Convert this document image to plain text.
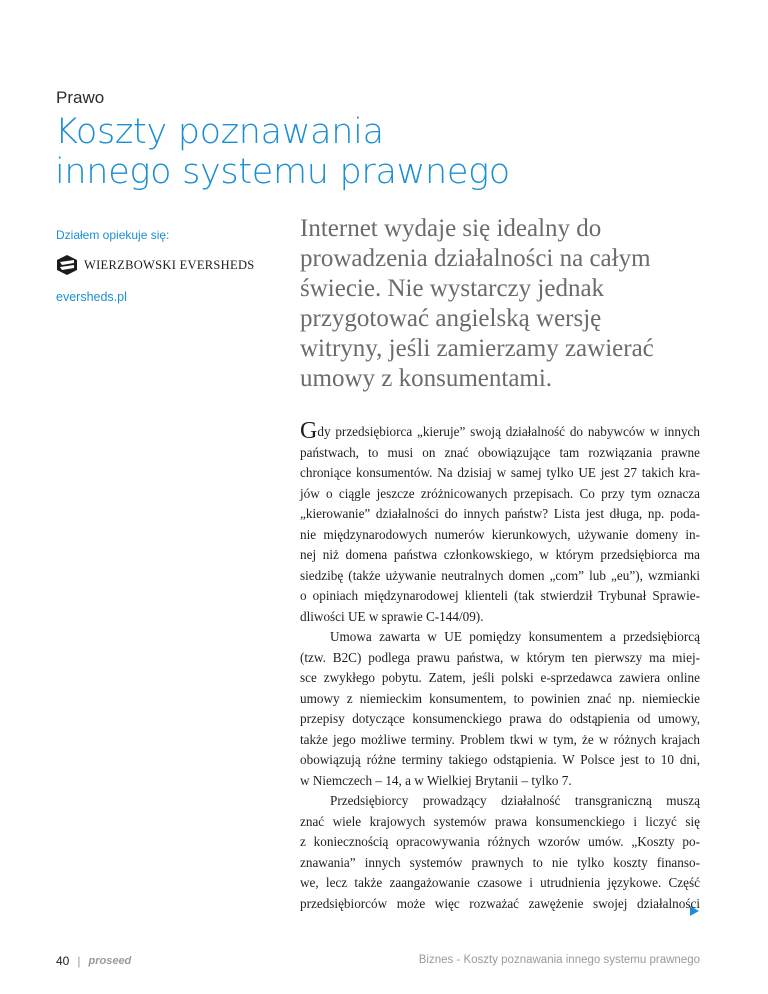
Prawo
Koszty poznawania
innego systemu prawnego
Działem opiekuje się:
WIERZBOWSKI EVERSHEDS
eversheds.pl
Internet wydaje się idealny do
prowadzenia działalności na całym
świecie. Nie wystarczy jednak
przygotować angielską wersję
witryny, jeśli zamierzamy zawierać
umowy z konsumentami.
Gdy przedsiębiorca „kieruje” swoją działalność do nabywców w innych
państwach, to musi on znać obowiązujące tam rozwiązania prawne
chroniące konsumentów. Na dzisiaj w samej tylko UE jest 27 takich kra-
jów o ciągle jeszcze zróżnicowanych przepisach. Co przy tym oznacza
„kierowanie” działalności do innych państw? Lista jest długa, np. poda-
nie międzynarodowych numerów kierunkowych, używanie domeny in-
nej niż domena państwa członkowskiego, w którym przedsiębiorca ma
siedzibę (także używanie neutralnych domen „com” lub „eu”), wzmianki
o opiniach międzynarodowej klienteli (tak stwierdził Trybunał Sprawie-
dliwości UE w sprawie C-144/09).
Umowa zawarta w UE pomiędzy konsumentem a przedsiębiorcą
(tzw. B2C) podlega prawu państwa, w którym ten pierwszy ma miej-
sce zwykłego pobytu. Zatem, jeśli polski e-sprzedawca zawiera online
umowy z niemieckim konsumentem, to powinien znać np. niemieckie
przepisy dotyczące konsumenckiego prawa do odstąpienia od umowy,
także jego możliwe terminy. Problem tkwi w tym, że w różnych krajach
obowiązują różne terminy takiego odstąpienia. W Polsce jest to 10 dni,
w Niemczech – 14, a w Wielkiej Brytanii – tylko 7.
Przedsiębiorcy prowadzący działalność transgraniczną muszą
znać wiele krajowych systemów prawa konsumenckiego i liczyć się
z koniecznością opracowywania różnych wzorów umów. „Koszty po-
znawania” innych systemów prawnych to nie tylko koszty finanso-
we, lecz także zaangażowanie czasowe i utrudnienia językowe. Część
przedsiębiorców może więc rozważać zawężenie swojej działalności
40 | proseed	Biznes - Koszty poznawania innego systemu prawnego
